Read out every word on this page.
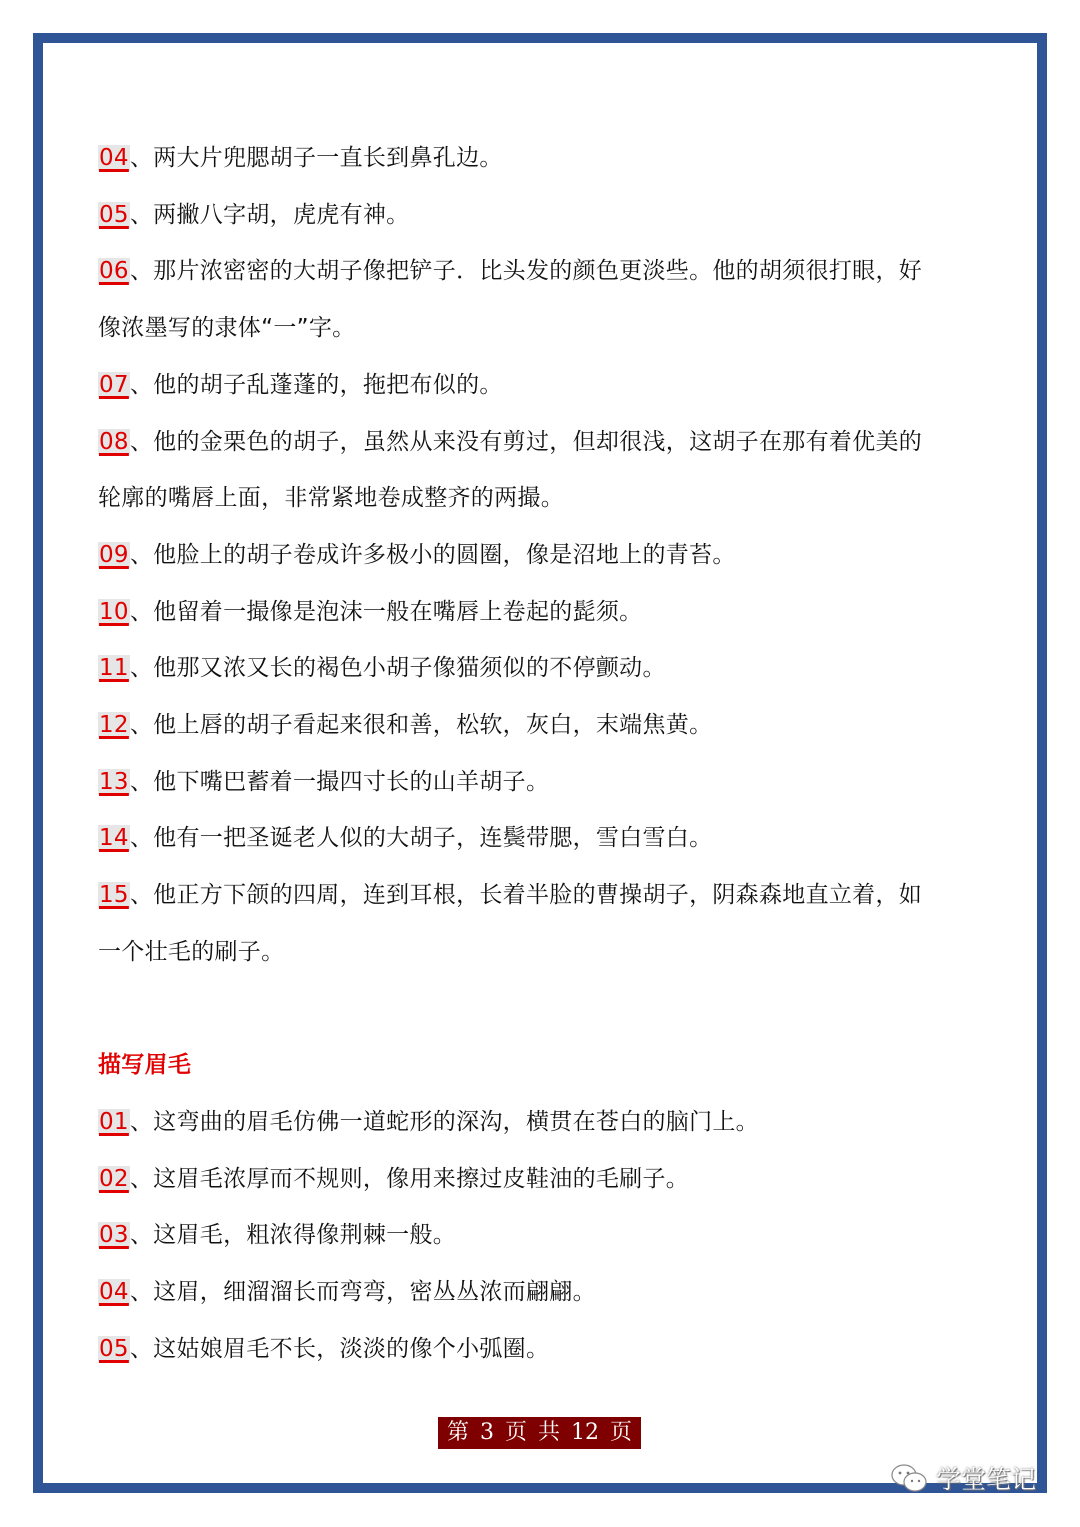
04、两大片兜腮胡子一直长到鼻孔边。
05、两撇八字胡，虎虎有神。
06、那片浓密密的大胡子像把铲子．比头发的颜色更淡些。他的胡须很打眼，好
像浓墨写的隶体“一”字。
07、他的胡子乱蓬蓬的，拖把布似的。
08、他的金栗色的胡子，虽然从来没有剪过，但却很浅，这胡子在那有着优美的
轮廓的嘴唇上面，非常紧地卷成整齐的两撮。
09、他脸上的胡子卷成许多极小的圆圈，像是沼地上的青苔。
10、他留着一撮像是泡沫一般在嘴唇上卷起的髭须。
11、他那又浓又长的褐色小胡子像猫须似的不停颤动。
12、他上唇的胡子看起来很和善，松软，灰白，末端焦黄。
13、他下嘴巴蓄着一撮四寸长的山羊胡子。
14、他有一把圣诞老人似的大胡子，连鬓带腮，雪白雪白。
15、他正方下颌的四周，连到耳根，长着半脸的曹操胡子，阴森森地直立着，如
一个壮毛的刷子。
描写眉毛
01、这弯曲的眉毛仿佛一道蛇形的深沟，横贯在苍白的脑门上。
02、这眉毛浓厚而不规则，像用来擦过皮鞋油的毛刷子。
03、这眉毛，粗浓得像荆棘一般。
04、这眉，细溜溜长而弯弯，密丛丛浓而翩翩。
05、这姑娘眉毛不长，淡淡的像个小弧圈。
第 3 页 共 12 页
学堂笔记
